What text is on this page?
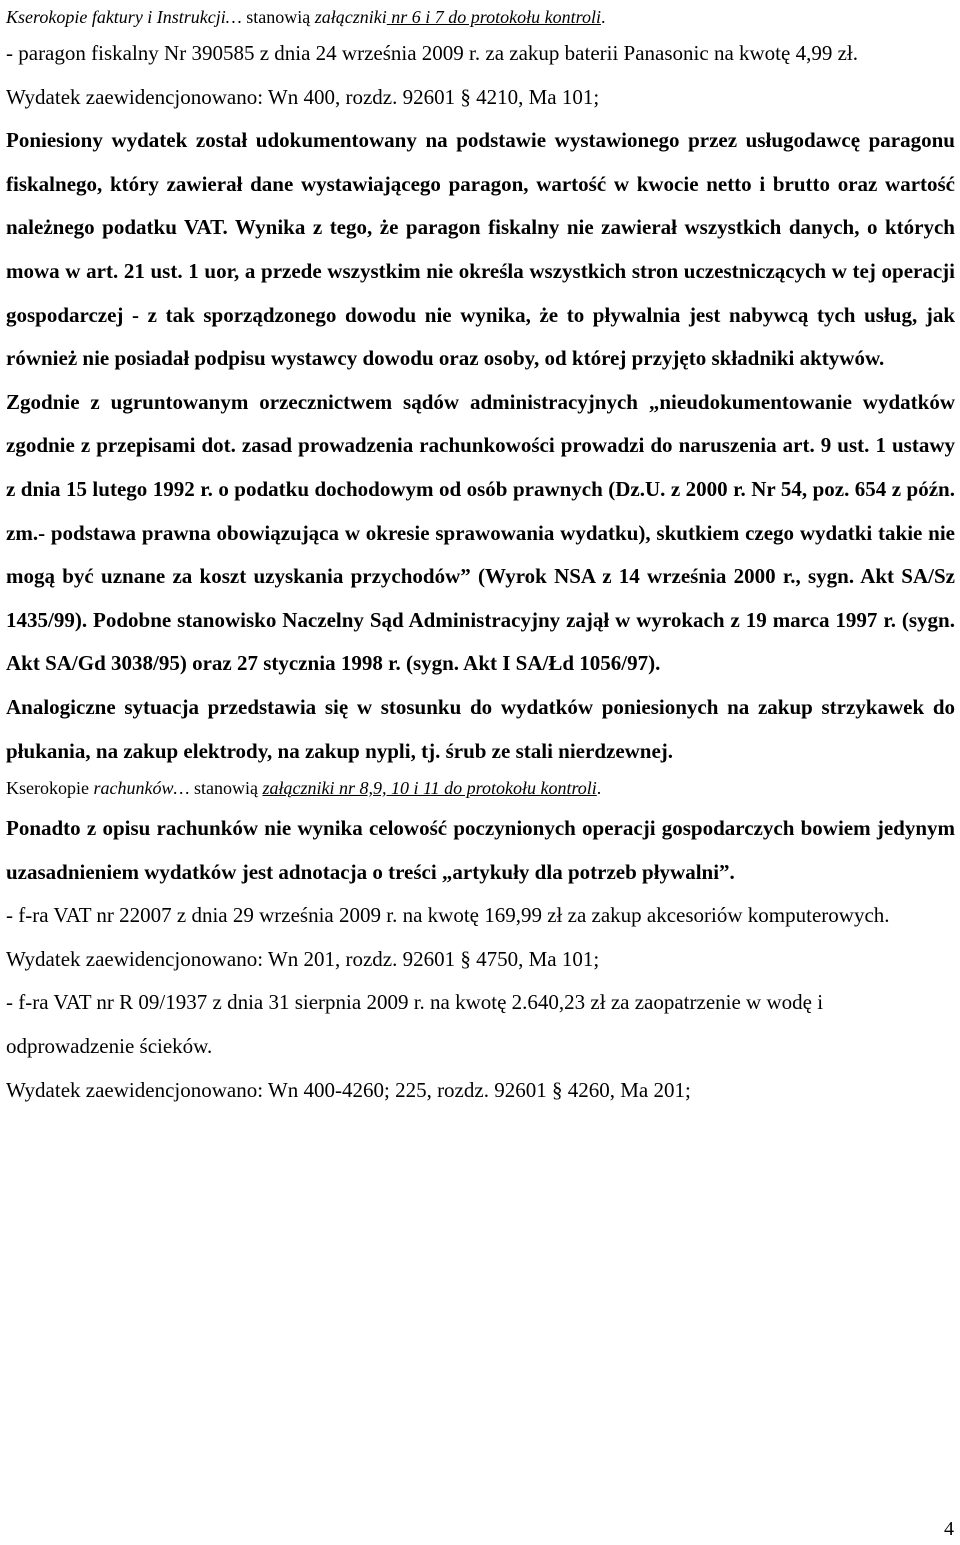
Kserokopie faktury i Instrukcji… stanowią załączniki nr 6 i 7 do protokołu kontroli.

- paragon fiskalny Nr 390585 z dnia 24 września 2009 r. za zakup baterii Panasonic na kwotę 4,99 zł.

Wydatek zaewidencjonowano: Wn 400, rozdz. 92601 § 4210, Ma 101;

Poniesiony wydatek został udokumentowany na podstawie wystawionego przez usługodawcę paragonu fiskalnego, który zawierał dane wystawiającego paragon, wartość w kwocie netto i brutto oraz wartość należnego podatku VAT. Wynika z tego, że paragon fiskalny nie zawierał wszystkich danych, o których mowa w art. 21 ust. 1 uor, a przede wszystkim nie określa wszystkich stron uczestniczących w tej operacji gospodarczej - z tak sporządzonego dowodu nie wynika, że to pływalnia jest nabywcą tych usług, jak również nie posiadał podpisu wystawcy dowodu oraz osoby, od której przyjęto składniki aktywów.

Zgodnie z ugruntowanym orzecznictwem sądów administracyjnych „nieudokumentowanie wydatków zgodnie z przepisami dot. zasad prowadzenia rachunkowości prowadzi do naruszenia art. 9 ust. 1 ustawy z dnia 15 lutego 1992 r. o podatku dochodowym od osób prawnych (Dz.U. z 2000 r. Nr 54, poz. 654 z późn. zm.- podstawa prawna obowiązująca w okresie sprawowania wydatku), skutkiem czego wydatki takie nie mogą być uznane za koszt uzyskania przychodów” (Wyrok NSA z 14 września 2000 r., sygn. Akt SA/Sz 1435/99). Podobne stanowisko Naczelny Sąd Administracyjny zajął w wyrokach z 19 marca 1997 r. (sygn. Akt SA/Gd 3038/95) oraz 27 stycznia 1998 r. (sygn. Akt I SA/Łd 1056/97).

Analogiczne sytuacja przedstawia się w stosunku do wydatków poniesionych na zakup strzykawek do płukania, na zakup elektrody, na zakup nypli, tj. śrub ze stali nierdzewnej.

Kserokopie rachunków… stanowią załączniki nr 8,9, 10 i 11 do protokołu kontroli.

Ponadto z opisu rachunków nie wynika celowość poczynionych operacji gospodarczych bowiem jedynym uzasadnieniem wydatków jest adnotacja o treści „artykuły dla potrzeb pływalni”.

- f-ra VAT nr 22007 z dnia 29 września 2009 r. na kwotę 169,99 zł za zakup akcesoriów komputerowych.

Wydatek zaewidencjonowano: Wn 201, rozdz. 92601 § 4750, Ma 101;

- f-ra VAT nr R 09/1937 z dnia 31 sierpnia 2009 r. na kwotę 2.640,23 zł za zaopatrzenie w wodę i odprowadzenie ścieków.

Wydatek zaewidencjonowano: Wn 400-4260; 225, rozdz. 92601 § 4260, Ma 201;

4
